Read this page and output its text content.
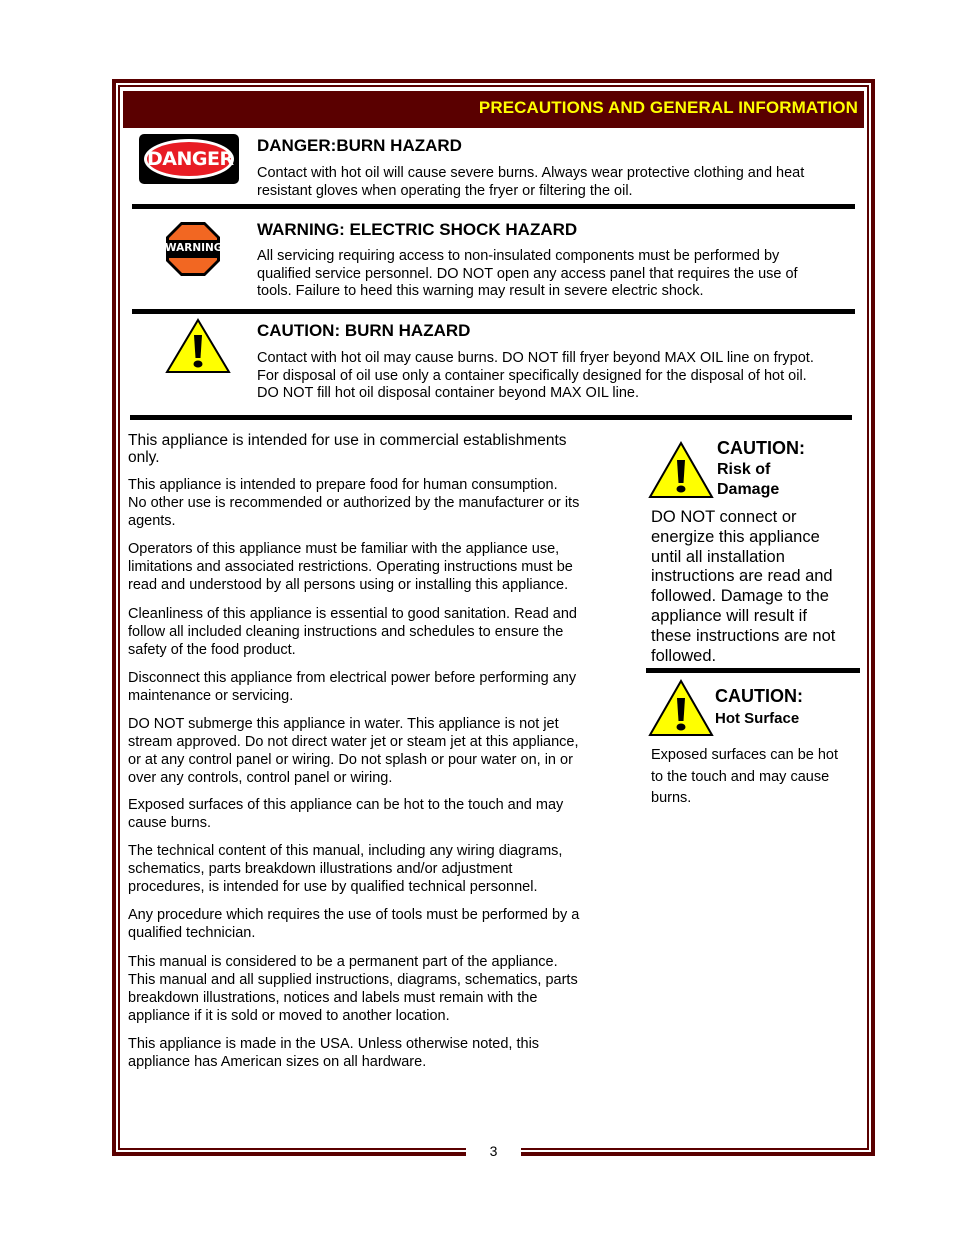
PRECAUTIONS AND GENERAL INFORMATION
DANGER
DANGER:BURN HAZARD
Contact with hot oil will cause severe burns. Always wear protective clothing and heat
resistant gloves when operating the fryer or filtering the oil.
WARNING
WARNING: ELECTRIC SHOCK HAZARD
All servicing requiring access to non-insulated components must be performed by
qualified service personnel. DO NOT open any access panel that requires the use of
tools. Failure to heed this warning may result in severe electric shock.
CAUTION: BURN HAZARD
Contact with hot oil may cause burns. DO NOT fill fryer beyond MAX OIL line on frypot.
For disposal of oil use only a container specifically designed for the disposal of hot oil.
DO NOT fill hot oil disposal container beyond MAX OIL line.
This appliance is intended for use in commercial establishments
only.
This appliance is intended to prepare food for human consumption.
No other use is recommended or authorized by the manufacturer or its
agents.
Operators of this appliance must be familiar with the appliance use,
limitations and associated restrictions. Operating instructions must be
read and understood by all persons using or installing this appliance.
Cleanliness of this appliance is essential to good sanitation. Read and
follow all included cleaning instructions and schedules to ensure the
safety of the food product.
Disconnect this appliance from electrical power before performing any
maintenance or servicing.
DO NOT submerge this appliance in water. This appliance is not jet
stream approved. Do not direct water jet or steam jet at this appliance,
or at any control panel or wiring. Do not splash or pour water on, in or
over any controls, control panel or wiring.
Exposed surfaces of this appliance can be hot to the touch and may
cause burns.
The technical content of this manual, including any wiring diagrams,
schematics, parts breakdown illustrations and/or adjustment
procedures, is intended for use by qualified technical personnel.
Any procedure which requires the use of tools must be performed by a
qualified technician.
This manual is considered to be a permanent part of the appliance.
This manual and all supplied instructions, diagrams, schematics, parts
breakdown illustrations, notices and labels must remain with the
appliance if it is sold or moved to another location.
This appliance is made in the USA. Unless otherwise noted, this
appliance has American sizes on all hardware.
CAUTION:
Risk of
Damage
DO NOT connect or
energize this appliance
until all installation
instructions are read and
followed. Damage to the
appliance will result if
these instructions are not
followed.
CAUTION:
Hot Surface
Exposed surfaces can be hot
to the touch and may cause
burns.
3
